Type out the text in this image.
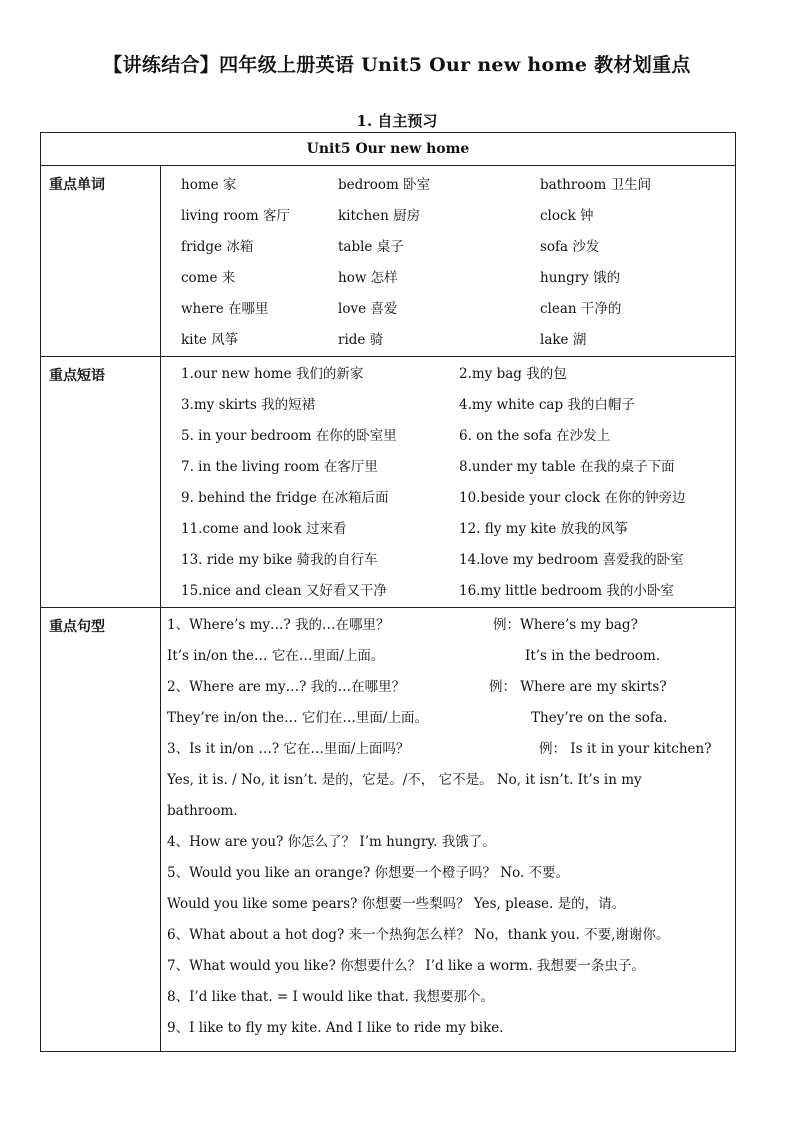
【讲练结合】四年级上册英语 Unit5 Our new home 教材划重点
1. 自主预习
Unit5 Our new home
重点单词	home 家	bedroom 卧室	bathroom 卫生间
living room 客厅	kitchen 厨房	clock 钟
fridge 冰箱	table 桌子	sofa 沙发
come 来	how 怎样	hungry 饿的
where 在哪里	love 喜爱	clean 干净的
kite 风筝	ride 骑	lake 湖
重点短语	1.our new home 我们的新家	2.my bag 我的包
3.my skirts 我的短裙	4.my white cap 我的白帽子
5. in your bedroom 在你的卧室里	6. on the sofa 在沙发上
7. in the living room 在客厅里	8.under my table 在我的桌子下面
9. behind the fridge 在冰箱后面	10.beside your clock 在你的钟旁边
11.come and look 过来看	12. fly my kite 放我的风筝
13. ride my bike 骑我的自行车	14.love my bedroom 喜爱我的卧室
15.nice and clean 又好看又干净	16.my little bedroom 我的小卧室
重点句型	1、Where’s my…? 我的…在哪里？	例：Where’s my bag?
It’s in/on the… 它在…里面/上面。	It’s in the bedroom.
2、Where are my…? 我的…在哪里？	例： Where are my skirts?
They’re in/on the… 它们在…里面/上面。	They’re on the sofa.
3、Is it in/on …? 它在…里面/上面吗？	例： Is it in your kitchen?
Yes, it is. / No, it isn’t. 是的，它是。/不， 它不是。 No, it isn’t. It’s in my
bathroom.
4、How are you? 你怎么了？ I’m hungry. 我饿了。
5、Would you like an orange? 你想要一个橙子吗？ No. 不要。
Would you like some pears? 你想要一些梨吗？ Yes, please. 是的，请。
6、What about a hot dog? 来一个热狗怎么样？ No，thank you. 不要,谢谢你。
7、What would you like? 你想要什么？ I’d like a worm. 我想要一条虫子。
8、I’d like that. = I would like that. 我想要那个。
9、I like to fly my kite. And I like to ride my bike.
